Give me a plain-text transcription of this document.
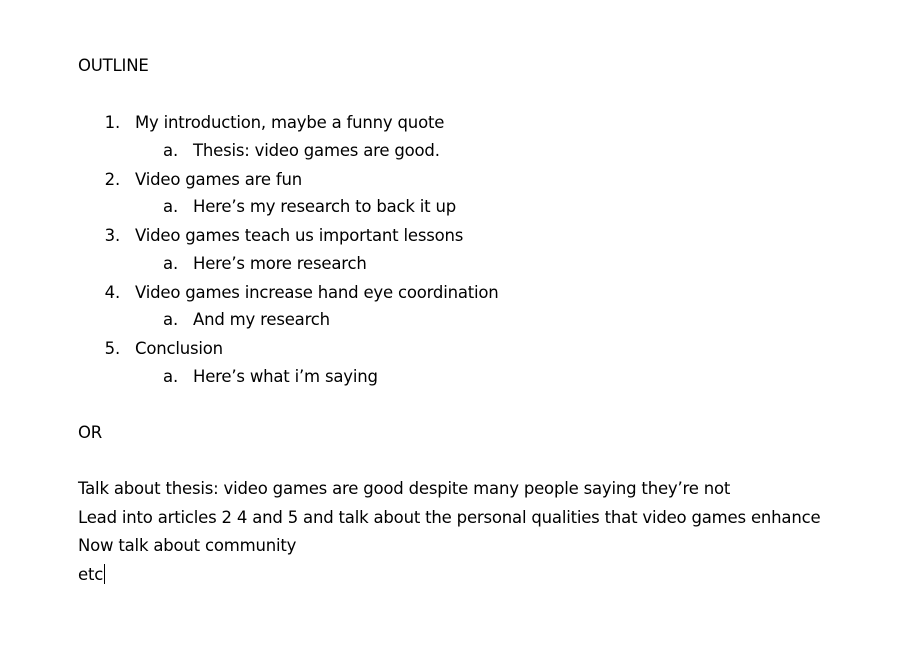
OUTLINE
1. My introduction, maybe a funny quote
a. Thesis: video games are good.
2. Video games are fun
a. Here’s my research to back it up
3. Video games teach us important lessons
a. Here’s more research
4. Video games increase hand eye coordination
a. And my research
5. Conclusion
a. Here’s what i’m saying
OR
Talk about thesis: video games are good despite many people saying they’re not
Lead into articles 2 4 and 5 and talk about the personal qualities that video games enhance
Now talk about community
etc
